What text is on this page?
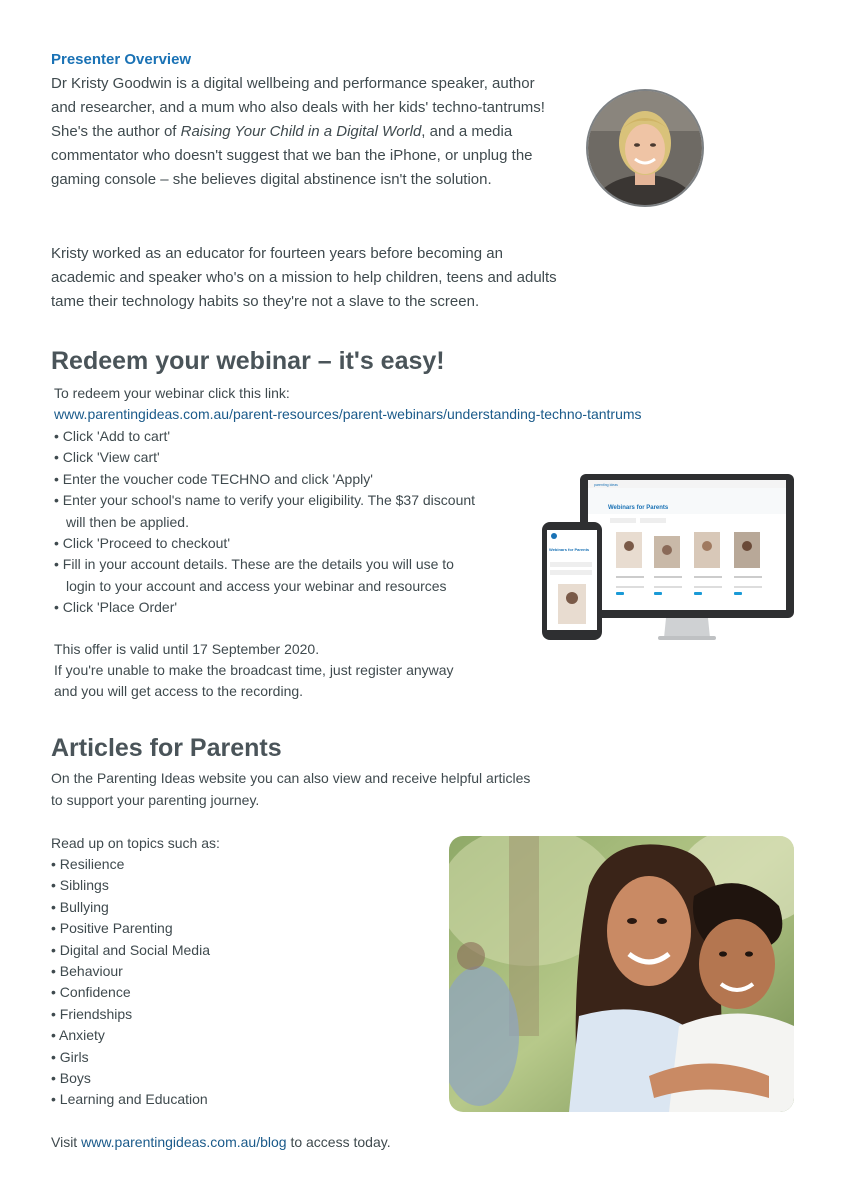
Presenter Overview

Dr Kristy Goodwin is a digital wellbeing and performance speaker, author and researcher, and a mum who also deals with her kids' techno-tantrums! She's the author of Raising Your Child in a Digital World, and a media commentator who doesn't suggest that we ban the iPhone, or unplug the gaming console – she believes digital abstinence isn't the solution.

Kristy worked as an educator for fourteen years before becoming an academic and speaker who's on a mission to help children, teens and adults tame their technology habits so they're not a slave to the screen.

Redeem your webinar – it's easy!

To redeem your webinar click this link:

www.parentingideas.com.au/parent-resources/parent-webinars/understanding-techno-tantrums
• Click 'Add to cart'
• Click 'View cart'
• Enter the voucher code TECHNO and click 'Apply'
• Enter your school's name to verify your eligibility. The $37 discount
will then be applied.
• Click 'Proceed to checkout'
• Fill in your account details. These are the details you will use to
login to your account and access your webinar and resources
• Click 'Place Order'

This offer is valid until 17 September 2020.

If you're unable to make the broadcast time, just register anyway

and you will get access to the recording.

Webinars for Parents
parenting ideas
Webinars for Parents
Articles for Parents

On the Parenting Ideas website you can also view and receive helpful articles

to support your parenting journey.

Read up on topics such as:

• Resilience
• Siblings
• Bullying
• Positive Parenting
• Digital and Social Media
• Behaviour
• Confidence
• Friendships
• Anxiety
• Girls
• Boys
• Learning and Education

Visit www.parentingideas.com.au/blog to access today.
